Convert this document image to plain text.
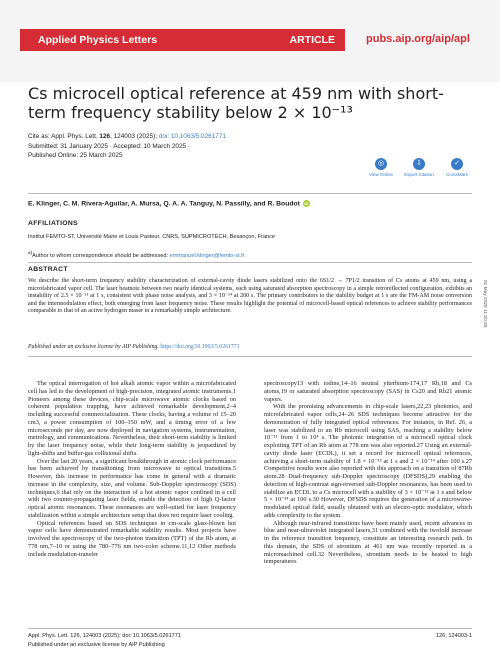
Applied Physics Letters	ARTICLE	pubs.aip.org/aip/apl
Cs microcell optical reference at 459 nm with short-term frequency stability below 2 × 10⁻¹³
Cite as: Appl. Phys. Lett. 126, 124003 (2025); doi: 10.1063/5.0261771
Submitted: 31 January 2025 · Accepted: 10 March 2025 ·
Published Online: 25 March 2025
◎
View Online
⇩
Export Citation
✓
CrossMark
E. Klinger, C. M. Rivera-Aguilar, A. Mursa, Q. A. A. Tanguy, N. Passilly, and R. Boudot iD
AFFILIATIONS
Institut FEMTO-ST, Université Marie et Louis Pasteur, CNRS, SUPMICROTECH, Besançon, France
$^{a)}$Author to whom correspondence should be addressed: emmanuel.klinger@femto-st.fr
ABSTRACT
We describe the short-term frequency stability characterization of external-cavity diode lasers stabilized onto the 6S1/2 → 7P1/2 transition of Cs atoms at 459 nm, using a microfabricated vapor cell. The laser beatnote between two nearly identical systems, each using saturated absorption spectroscopy in a simple retroreflected configuration, exhibits an instability of 2.5 × 10⁻¹³ at 1 s, consistent with phase noise analysis, and 3 × 10⁻¹⁴ at 200 s. The primary contributors to the stability budget at 1 s are the FM-AM noise conversion and the intermodulation effect, both emerging from laser frequency noise. These results highlight the potential of microcell-based optical references to achieve stability performances comparable to that of an active hydrogen maser in a remarkably simple architecture.
Published under an exclusive license by AIP Publishing. https://doi.org/10.1063/5.0261771

The optical interrogation of hot alkali atomic vapor within a microfabricated cell has led to the development of high-precision, integrated atomic instruments.1 Pioneers among these devices, chip-scale microwave atomic clocks based on coherent population trapping, have achieved remarkable development,2–4 including successful commercialization. These clocks, having a volume of 15–20 cm3, a power consumption of 100–150 mW, and a timing error of a few microseconds per day, are now deployed in navigation systems, instrumentation, metrology, and communications. Nevertheless, their short-term stability is limited by the laser frequency noise, while their long-term stability is jeopardized by light-shifts and buffer-gas collisional shifts.

Over the last 20 years, a significant breakthrough in atomic clock performance has been achieved by transitioning from microwave to optical transitions.5 However, this increase in performance has come in general with a dramatic increase in the complexity, size, and volume. Sub-Doppler spectroscopy (SDS) techniques,6 that rely on the interaction of a hot atomic vapor confined in a cell with two counter-propagating laser fields, enable the detection of high Q-factor optical atomic resonances. These resonances are well-suited for laser frequency stabilization within a simple architecture setup that does not require laser cooling.

Optical references based on SDS techniques in cm-scale glass-blown hot vapor cells have demonstrated remarkable stability results. Most projects have involved the spectroscopy of the two-photon transition (TPT) of the Rb atom, at 778 nm,7–10 or using the 780–776 nm two-color scheme.11,12 Other methods include modulation-transfer

spectroscopy13 with iodine,14–16 neutral ytterbium-174,17 Rb,18 and Cs atoms,19 or saturated absorption spectroscopy (SAS) in Cs20 and Rb21 atomic vapors.

With the promising advancements in chip-scale lasers,22,23 photonics, and microfabricated vapor cells,24–26 SDS techniques become attractive for the demonstration of fully integrated optical references. For instance, in Ref. 26, a laser was stabilized to an Rb microcell using SAS, reaching a stability below 10⁻¹¹ from 1 to 10⁴ s. The photonic integration of a microcell optical clock exploiting TPT of an Rb atom at 778 nm was also reported.27 Using an external-cavity diode laser (ECDL), it set a record for microcell optical references, achieving a short-term stability of 1.8 × 10⁻¹³ at 1 s and 2 × 10⁻¹⁴ after 100 s.27 Competitive results were also reported with this approach on a transition of 87Rb atom.28 Dual-frequency sub-Doppler spectroscopy (DFSDS),29 enabling the detection of high-contrast sign-reversed sub-Doppler resonances, has been used to stabilize an ECDL to a Cs microcell with a stability of 3 × 10⁻¹³ at 1 s and below 5 × 10⁻¹⁴ at 100 s.30 However, DFSDS requires the generation of a microwave-modulated optical field, usually obtained with an electro-optic modulator, which adds complexity to the system.

Although near-infrared transitions have been mainly used, recent advances in blue and near-ultraviolet integrated lasers,31 combined with the twofold increase in the reference transition frequency, constitute an interesting research path. In this domain, the SDS of strontium at 461 nm was recently reported in a micromachined cell.32 Nevertheless, strontium needs to be heated to high temperatures

01 May 2025 11:20:00
Appl. Phys. Lett. 126, 124003 (2025); doi: 10.1063/5.0261771
Published under an exclusive license by AIP Publishing
126, 124003-1
